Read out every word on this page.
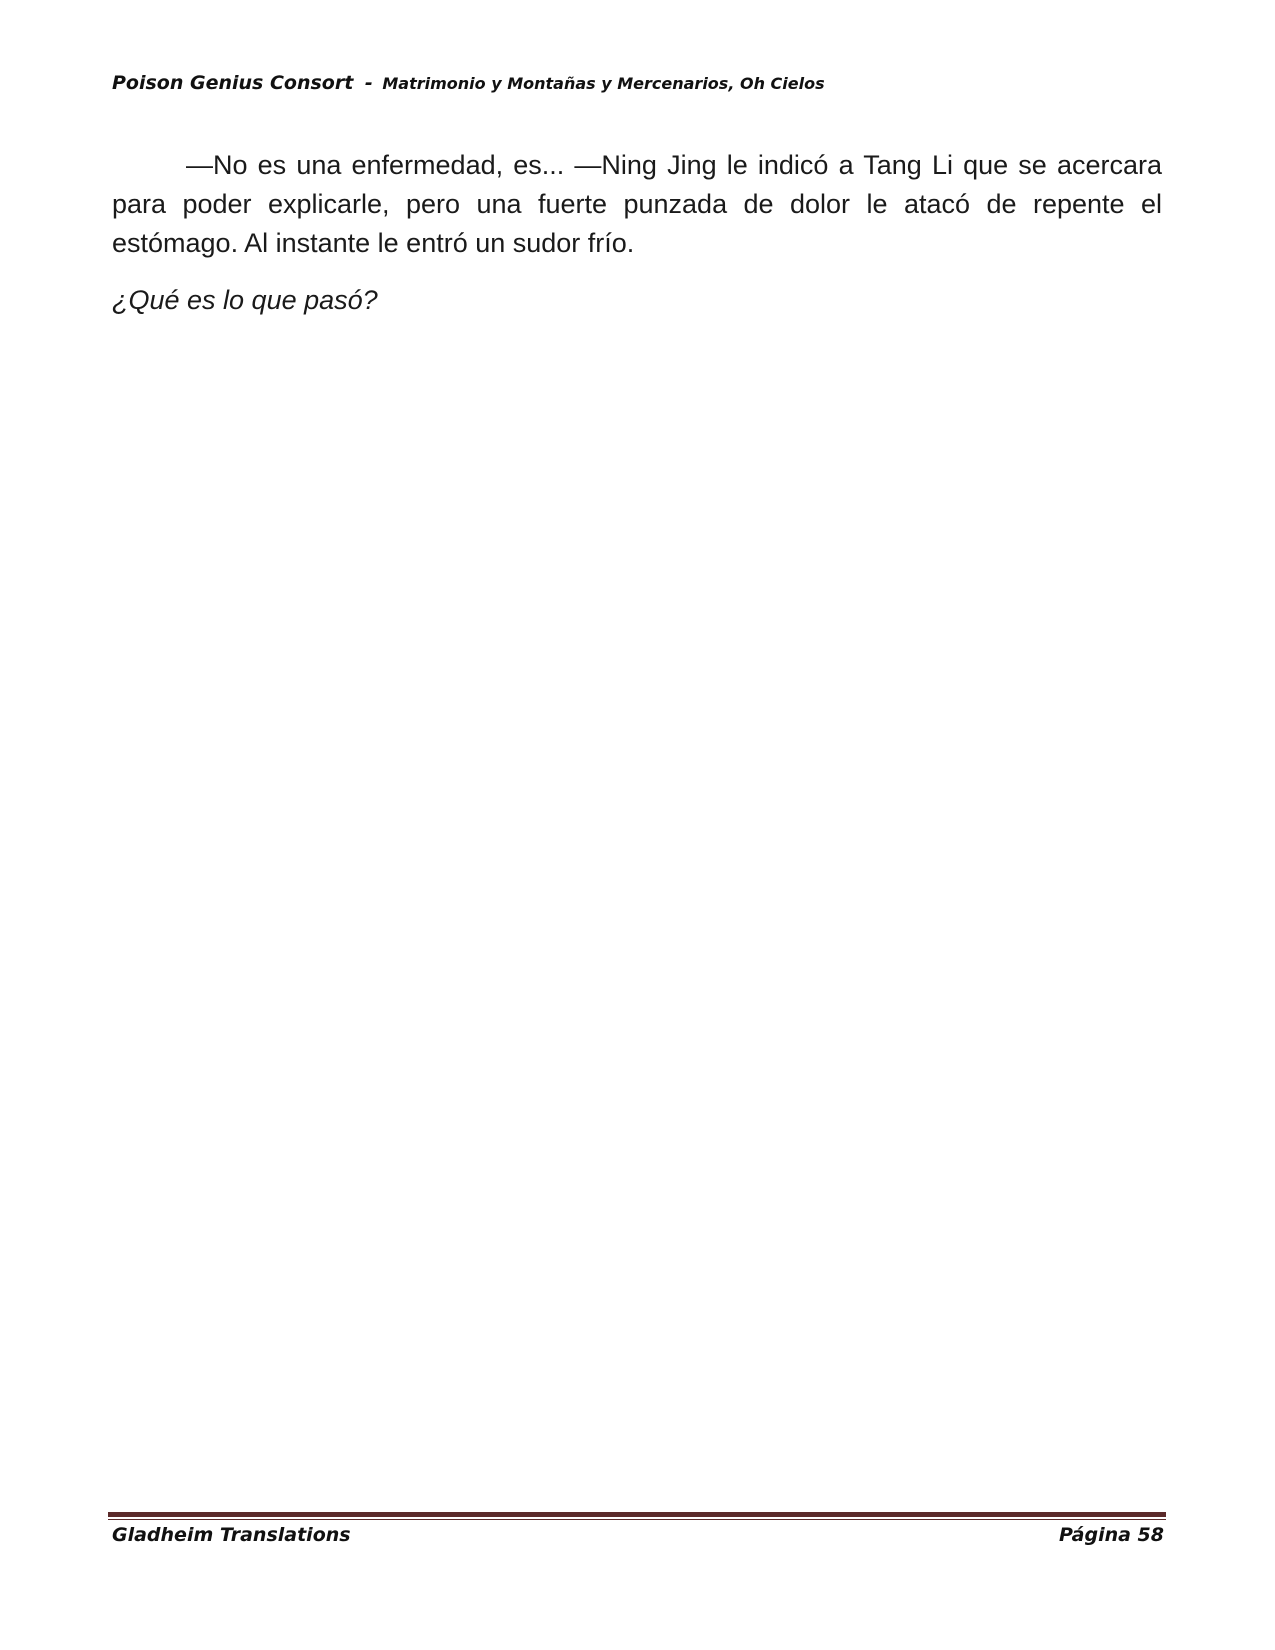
Poison Genius Consort - Matrimonio y Montañas y Mercenarios, Oh Cielos

—No es una enfermedad, es... —Ning Jing le indicó a Tang Li que se acercara para poder explicarle, pero una fuerte punzada de dolor le atacó de repente el estómago. Al instante le entró un sudor frío.

¿Qué es lo que pasó?

Gladheim Translations	Página 58
